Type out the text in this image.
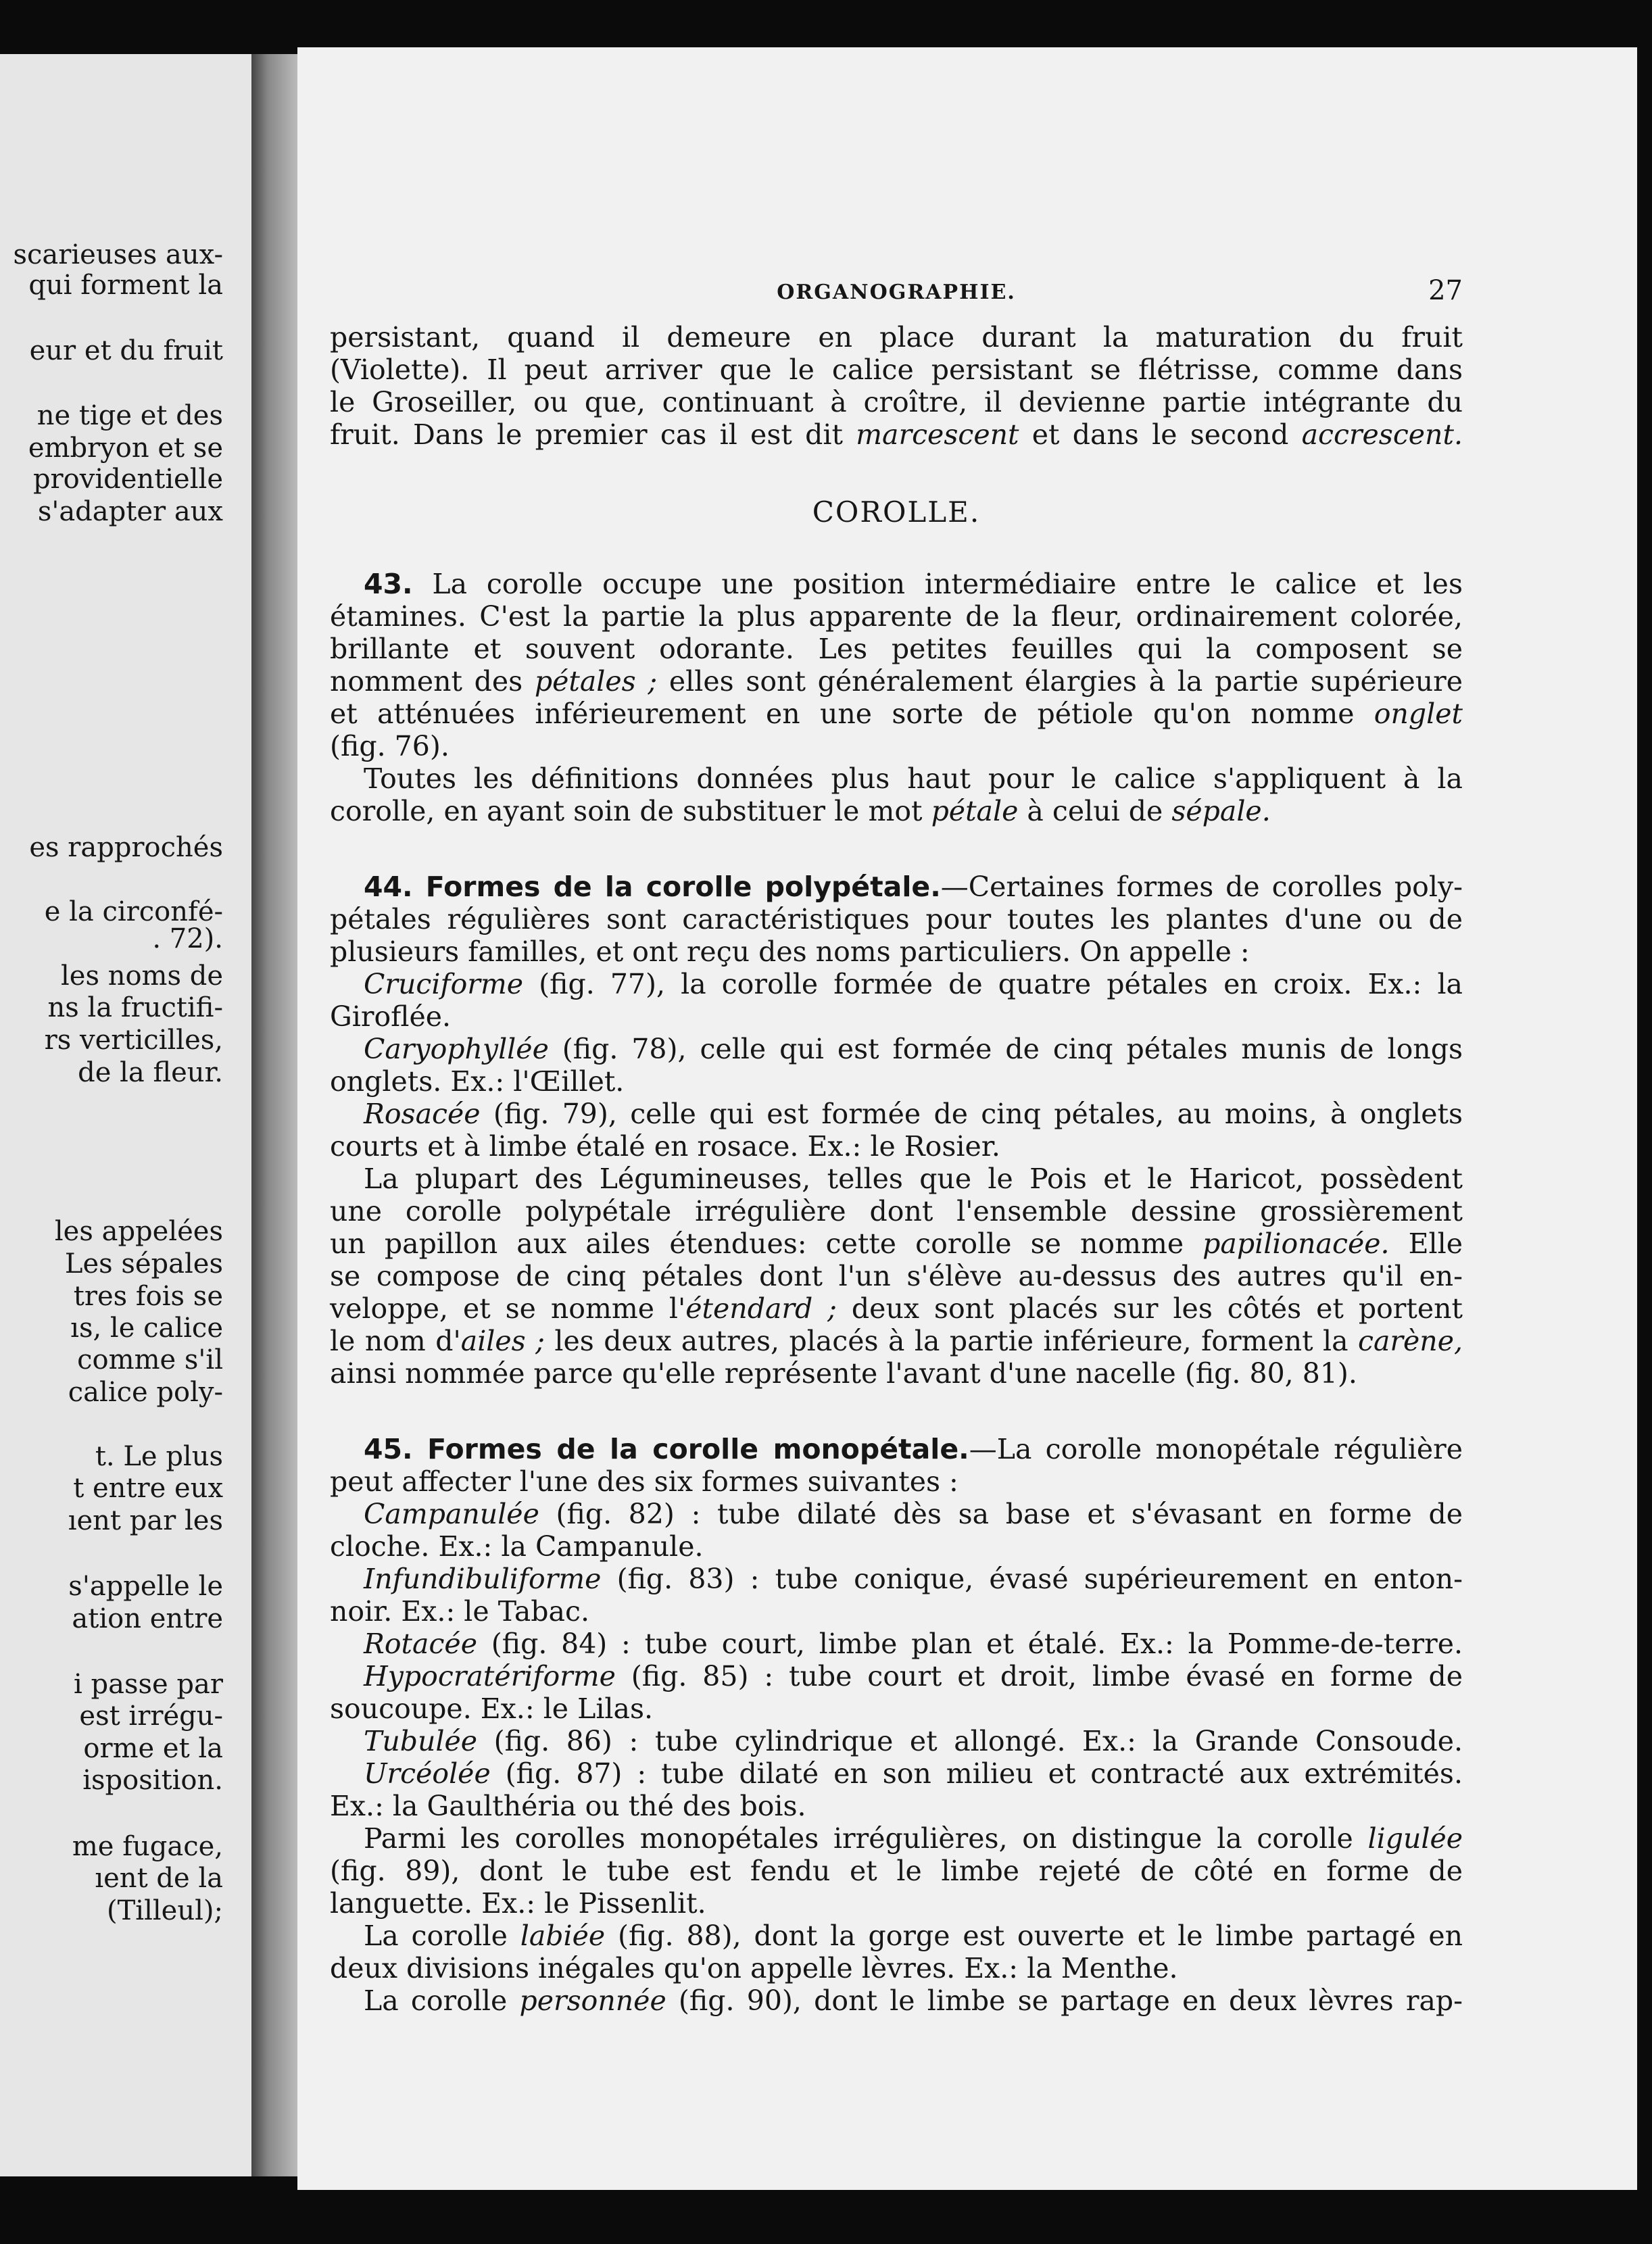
scarieuses aux-
qui forment la
eur et du fruit
ne tige et des
embryon et se
providentielle
s'adapter aux
es rapprochés
e la circonfé-
. 72).
les noms de
ns la fructifi-
rs verticilles,
de la fleur.
les appelées
Les sépales
tres fois se
ıs, le calice
comme s'il
calice poly-
t. Le plus
t entre eux
ıent par les
s'appelle le
ation entre
i passe par
est irrégu-
orme et la
isposition.
me fugace,
ıent de la
(Tilleul);
ORGANOGRAPHIE.	27
persistant, quand il demeure en place durant la maturation du fruit
(Violette). Il peut arriver que le calice persistant se flétrisse, comme dans
le Groseiller, ou que, continuant à croître, il devienne partie intégrante du
fruit. Dans le premier cas il est dit marcescent et dans le second accrescent.
COROLLE.
43. La corolle occupe une position intermédiaire entre le calice et les
étamines. C'est la partie la plus apparente de la fleur, ordinairement colorée,
brillante et souvent odorante. Les petites feuilles qui la composent se
nomment des pétales ; elles sont généralement élargies à la partie supérieure
et atténuées inférieurement en une sorte de pétiole qu'on nomme onglet
(fig. 76).
Toutes les définitions données plus haut pour le calice s'appliquent à la
corolle, en ayant soin de substituer le mot pétale à celui de sépale.
44. Formes de la corolle polypétale.—Certaines formes de corolles poly-
pétales régulières sont caractéristiques pour toutes les plantes d'une ou de
plusieurs familles, et ont reçu des noms particuliers. On appelle :
Cruciforme (fig. 77), la corolle formée de quatre pétales en croix. Ex.: la
Giroflée.
Caryophyllée (fig. 78), celle qui est formée de cinq pétales munis de longs
onglets. Ex.: l'Œillet.
Rosacée (fig. 79), celle qui est formée de cinq pétales, au moins, à onglets
courts et à limbe étalé en rosace. Ex.: le Rosier.
La plupart des Légumineuses, telles que le Pois et le Haricot, possèdent
une corolle polypétale irrégulière dont l'ensemble dessine grossièrement
un papillon aux ailes étendues: cette corolle se nomme papilionacée. Elle
se compose de cinq pétales dont l'un s'élève au-dessus des autres qu'il en-
veloppe, et se nomme l'étendard ; deux sont placés sur les côtés et portent
le nom d'ailes ; les deux autres, placés à la partie inférieure, forment la carène,
ainsi nommée parce qu'elle représente l'avant d'une nacelle (fig. 80, 81).
45. Formes de la corolle monopétale.—La corolle monopétale régulière
peut affecter l'une des six formes suivantes :
Campanulée (fig. 82) : tube dilaté dès sa base et s'évasant en forme de
cloche. Ex.: la Campanule.
Infundibuliforme (fig. 83) : tube conique, évasé supérieurement en enton-
noir. Ex.: le Tabac.
Rotacée (fig. 84) : tube court, limbe plan et étalé. Ex.: la Pomme-de-terre.
Hypocratériforme (fig. 85) : tube court et droit, limbe évasé en forme de
soucoupe. Ex.: le Lilas.
Tubulée (fig. 86) : tube cylindrique et allongé. Ex.: la Grande Consoude.
Urcéolée (fig. 87) : tube dilaté en son milieu et contracté aux extrémités.
Ex.: la Gaulthéria ou thé des bois.
Parmi les corolles monopétales irrégulières, on distingue la corolle ligulée
(fig. 89), dont le tube est fendu et le limbe rejeté de côté en forme de
languette. Ex.: le Pissenlit.
La corolle labiée (fig. 88), dont la gorge est ouverte et le limbe partagé en
deux divisions inégales qu'on appelle lèvres. Ex.: la Menthe.
La corolle personnée (fig. 90), dont le limbe se partage en deux lèvres rap-
